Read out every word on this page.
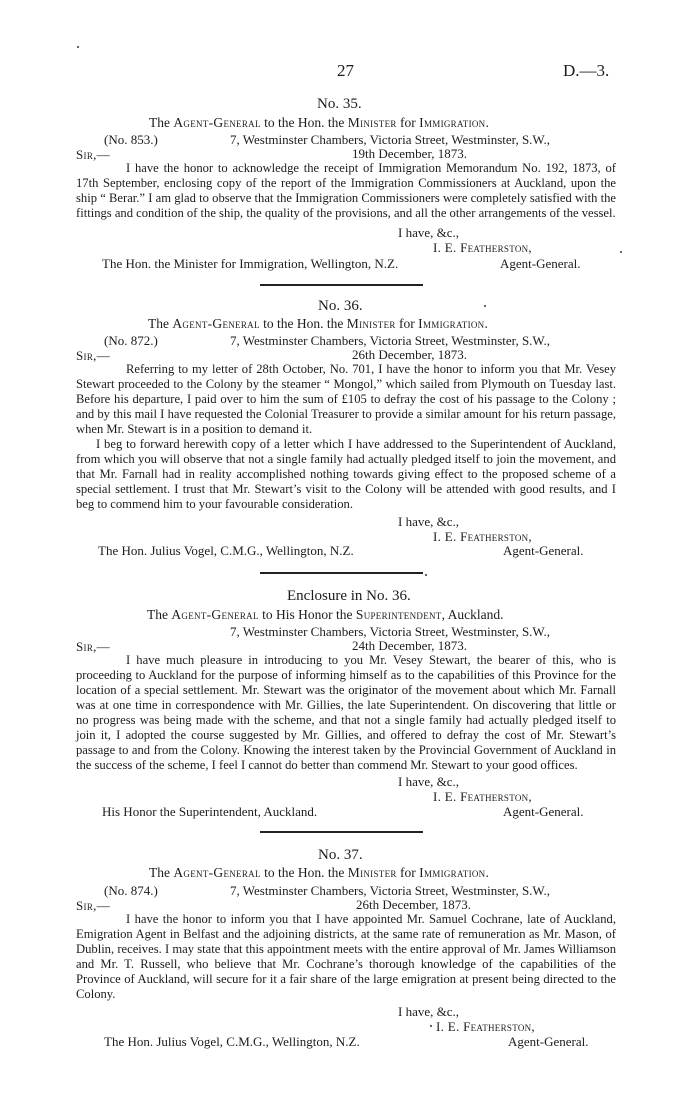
27	D.—3.
No. 35.
The Agent-General to the Hon. the Minister for Immigration.
(No. 853.)	7, Westminster Chambers, Victoria Street, Westminster, S.W.,
Sir,—	19th December, 1873.

I have the honor to acknowledge the receipt of Immigration Memorandum No. 192, 1873, of 17th September, enclosing copy of the report of the Immigration Commissioners at Auckland, upon the ship “ Berar.” I am glad to observe that the Immigration Commissioners were completely satisfied with the fittings and condition of the ship, the quality of the provisions, and all the other arrangements of the vessel.

I have, &c.,
I. E. Featherston,
The Hon. the Minister for Immigration, Wellington, N.Z.	Agent-General.
No. 36.
The Agent-General to the Hon. the Minister for Immigration.
(No. 872.)	7, Westminster Chambers, Victoria Street, Westminster, S.W.,
Sir,—	26th December, 1873.

Referring to my letter of 28th October, No. 701, I have the honor to inform you that Mr. Vesey Stewart proceeded to the Colony by the steamer “ Mongol,” which sailed from Plymouth on Tuesday last. Before his departure, I paid over to him the sum of £105 to defray the cost of his passage to the Colony ; and by this mail I have requested the Colonial Treasurer to provide a similar amount for his return passage, when Mr. Stewart is in a position to demand it.

I beg to forward herewith copy of a letter which I have addressed to the Superintendent of Auckland, from which you will observe that not a single family had actually pledged itself to join the movement, and that Mr. Farnall had in reality accomplished nothing towards giving effect to the proposed scheme of a special settlement. I trust that Mr. Stewart’s visit to the Colony will be attended with good results, and I beg to commend him to your favourable consideration.

I have, &c.,
I. E. Featherston,
The Hon. Julius Vogel, C.M.G., Wellington, N.Z.	Agent-General.
Enclosure in No. 36.
The Agent-General to His Honor the Superintendent, Auckland.
7, Westminster Chambers, Victoria Street, Westminster, S.W.,
Sir,—	24th December, 1873.

I have much pleasure in introducing to you Mr. Vesey Stewart, the bearer of this, who is proceeding to Auckland for the purpose of informing himself as to the capabilities of this Province for the location of a special settlement. Mr. Stewart was the originator of the movement about which Mr. Farnall was at one time in correspondence with Mr. Gillies, the late Superintendent. On discovering that little or no progress was being made with the scheme, and that not a single family had actually pledged itself to join it, I adopted the course suggested by Mr. Gillies, and offered to defray the cost of Mr. Stewart’s passage to and from the Colony. Knowing the interest taken by the Provincial Government of Auckland in the success of the scheme, I feel I cannot do better than commend Mr. Stewart to your good offices.

I have, &c.,
I. E. Featherston,
His Honor the Superintendent, Auckland.	Agent-General.
No. 37.
The Agent-General to the Hon. the Minister for Immigration.
(No. 874.)	7, Westminster Chambers, Victoria Street, Westminster, S.W.,
Sir,—	26th December, 1873.

I have the honor to inform you that I have appointed Mr. Samuel Cochrane, late of Auckland, Emigration Agent in Belfast and the adjoining districts, at the same rate of remuneration as Mr. Mason, of Dublin, receives. I may state that this appointment meets with the entire approval of Mr. James Williamson and Mr. T. Russell, who believe that Mr. Cochrane’s thorough knowledge of the capabilities of the Province of Auckland, will secure for it a fair share of the large emigration at present being directed to the Colony.

I have, &c.,
I. E. Featherston,
The Hon. Julius Vogel, C.M.G., Wellington, N.Z.	Agent-General.
